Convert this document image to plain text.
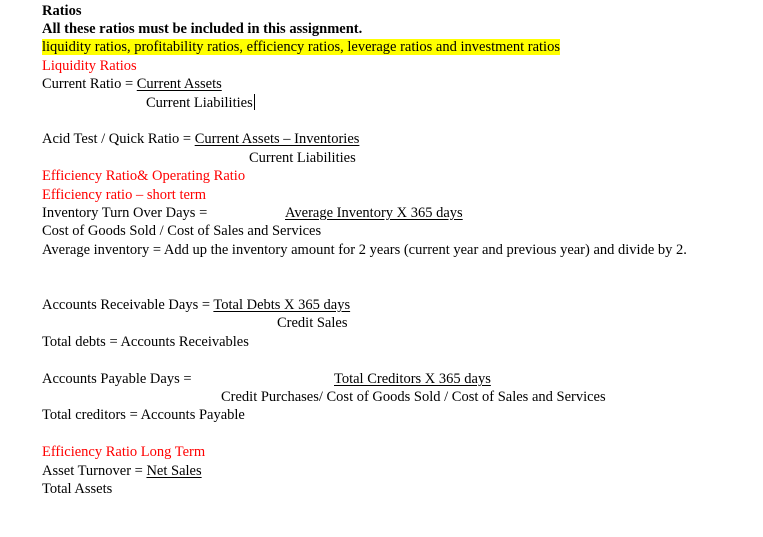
Ratios
All these ratios must be included in this assignment.
liquidity ratios, profitability ratios, efficiency ratios, leverage ratios and investment ratios
Liquidity Ratios
Current Ratio = Current Assets
Current Liabilities
Acid Test / Quick Ratio = Current Assets – Inventories
Current Liabilities
Efficiency Ratio& Operating Ratio
Efficiency ratio – short term
Inventory Turn Over Days =	Average Inventory X 365 days
Cost of Goods Sold / Cost of Sales and Services
Average inventory = Add up the inventory amount for 2 years (current year and previous year) and divide by 2.
Accounts Receivable Days = Total Debts X 365 days
Credit Sales
Total debts = Accounts Receivables
Accounts Payable Days =	Total Creditors X 365 days
Credit Purchases/ Cost of Goods Sold / Cost of Sales and Services
Total creditors = Accounts Payable
Efficiency Ratio Long Term
Asset Turnover = Net Sales
Total Assets
